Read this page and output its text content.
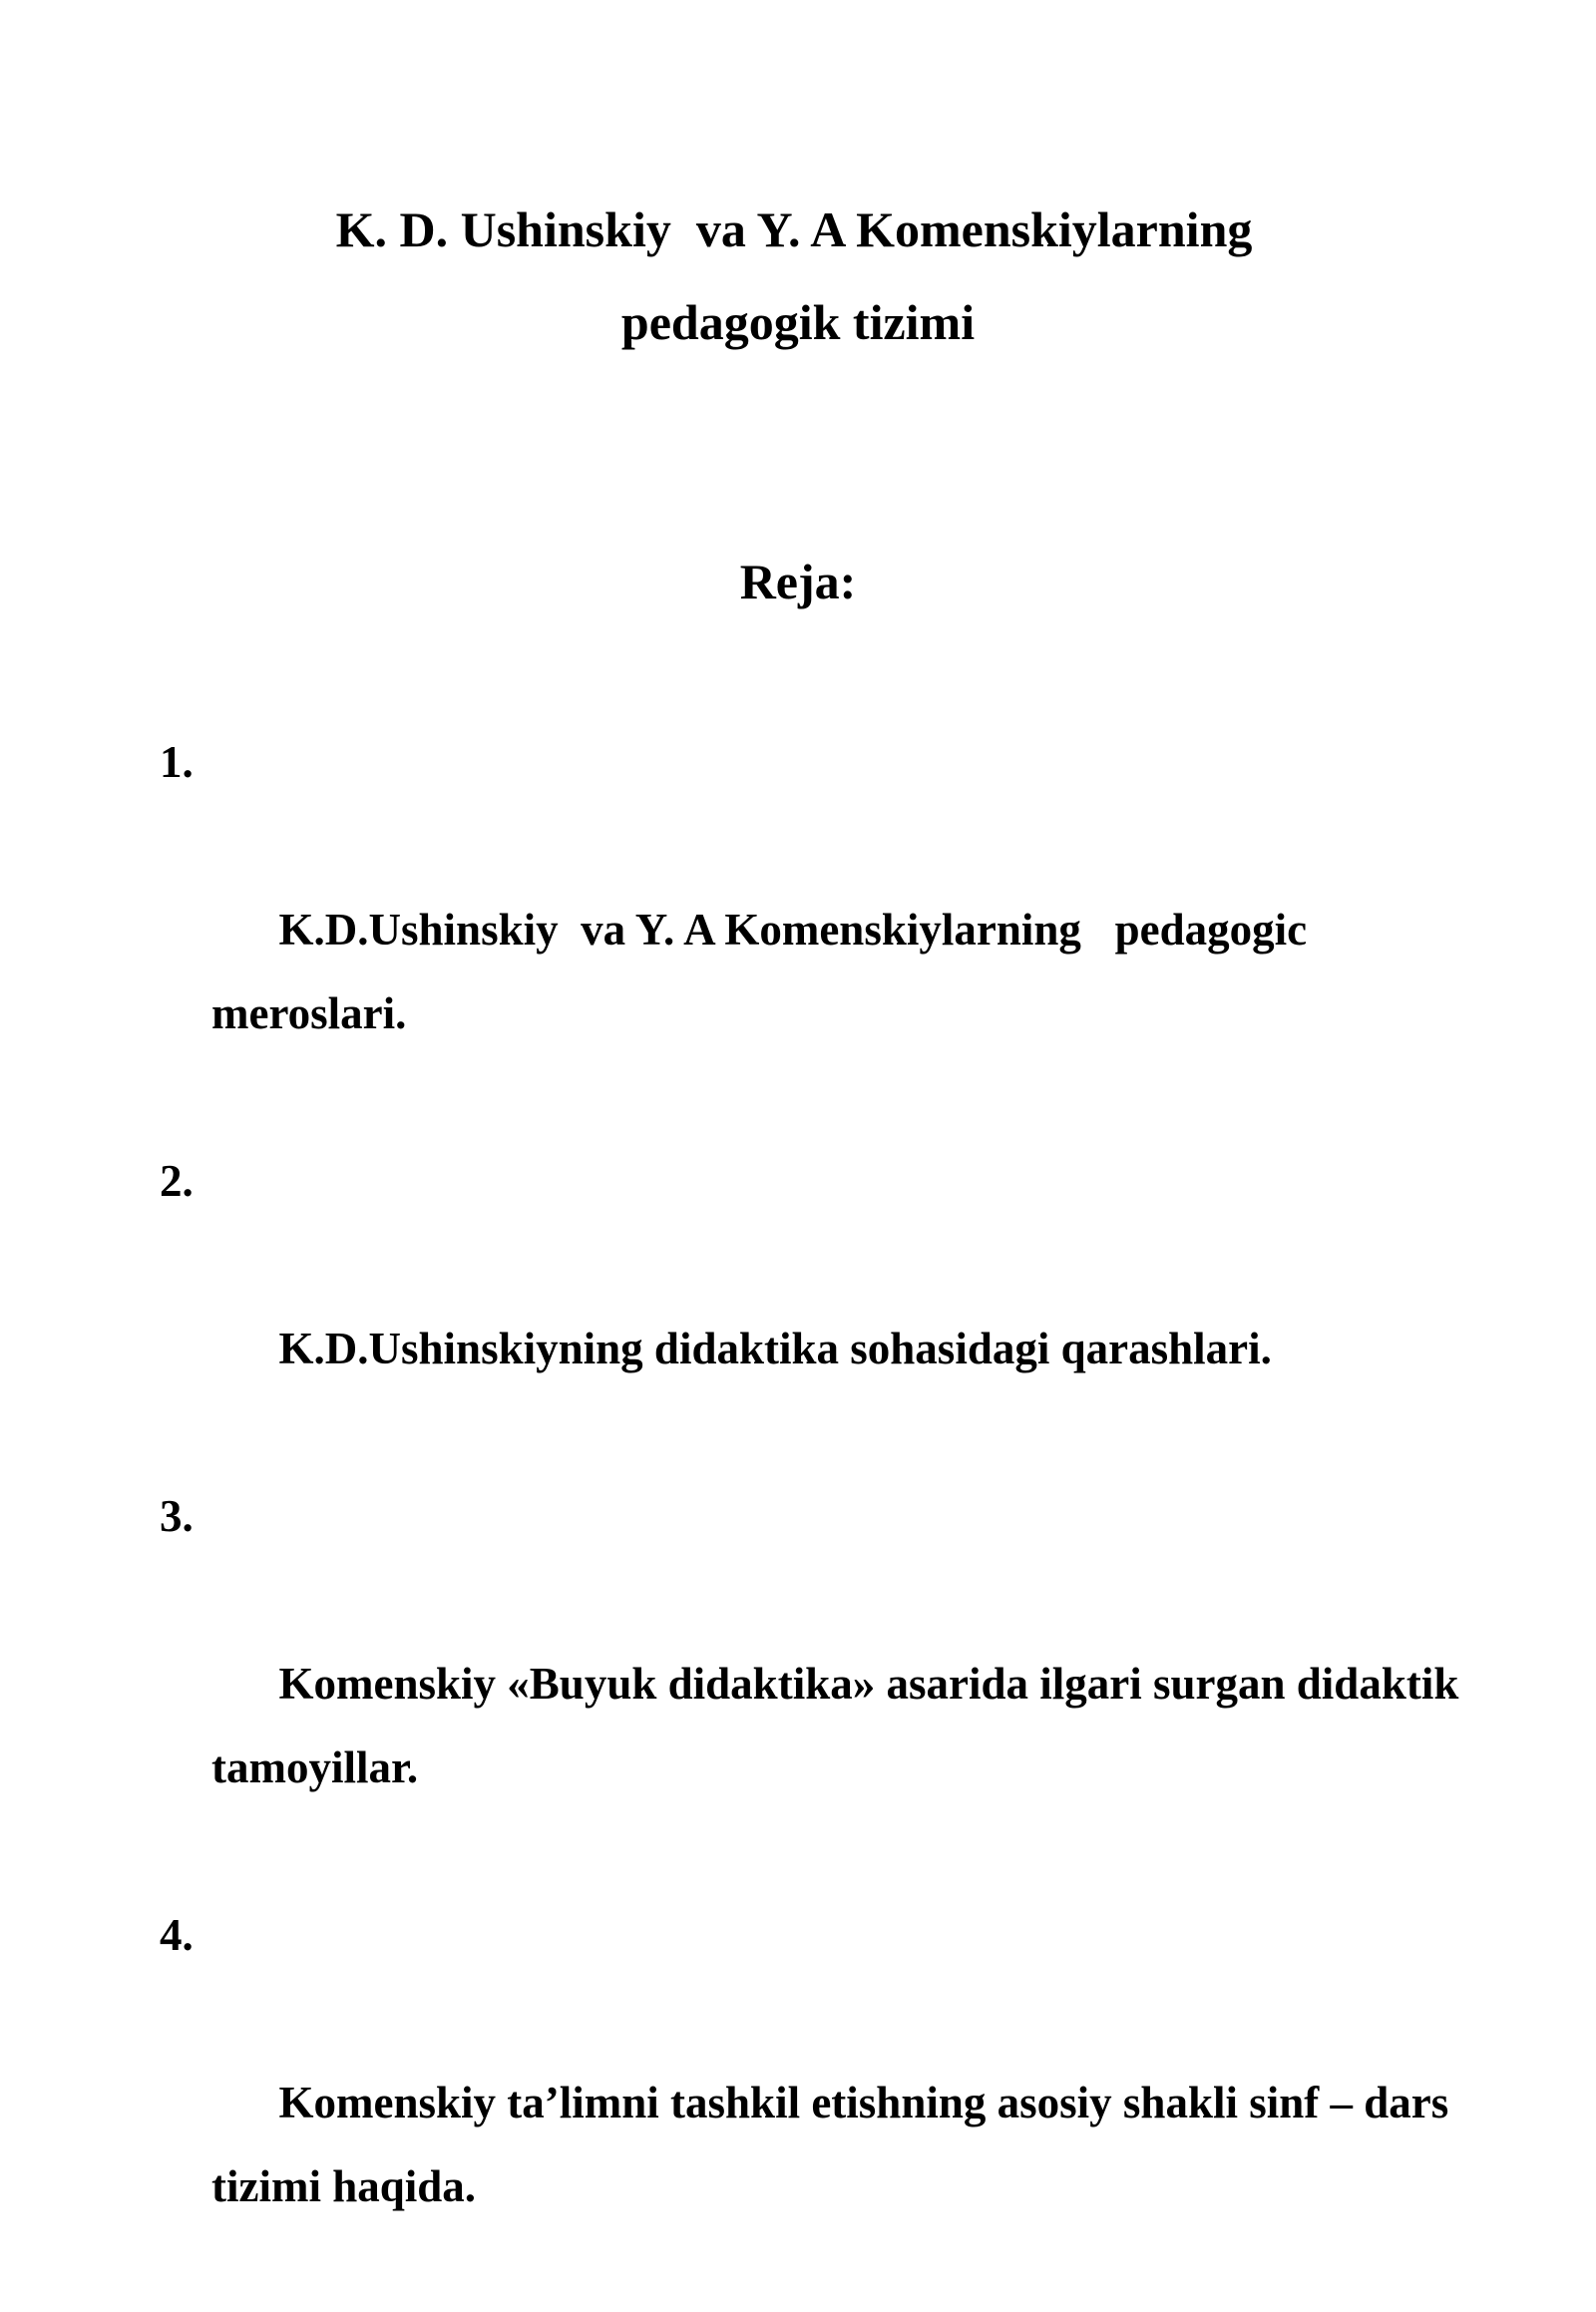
K. D. Ushinskiy  va Y. A Komenskiylarning
pedagogik tizimi
Reja:

1.

K.D.Ushinskiy  va Y. A Komenskiylarning   pedagogic meroslari.

2.

K.D.Ushinskiyning didaktika sohasidagi qarashlari.

3.

Komenskiy «Buyuk didaktika» asarida ilgari surgan didaktik tamoyillar.

4.

Komenskiy ta’limni tashkil etishning asosiy shakli sinf – dars tizimi haqida.
